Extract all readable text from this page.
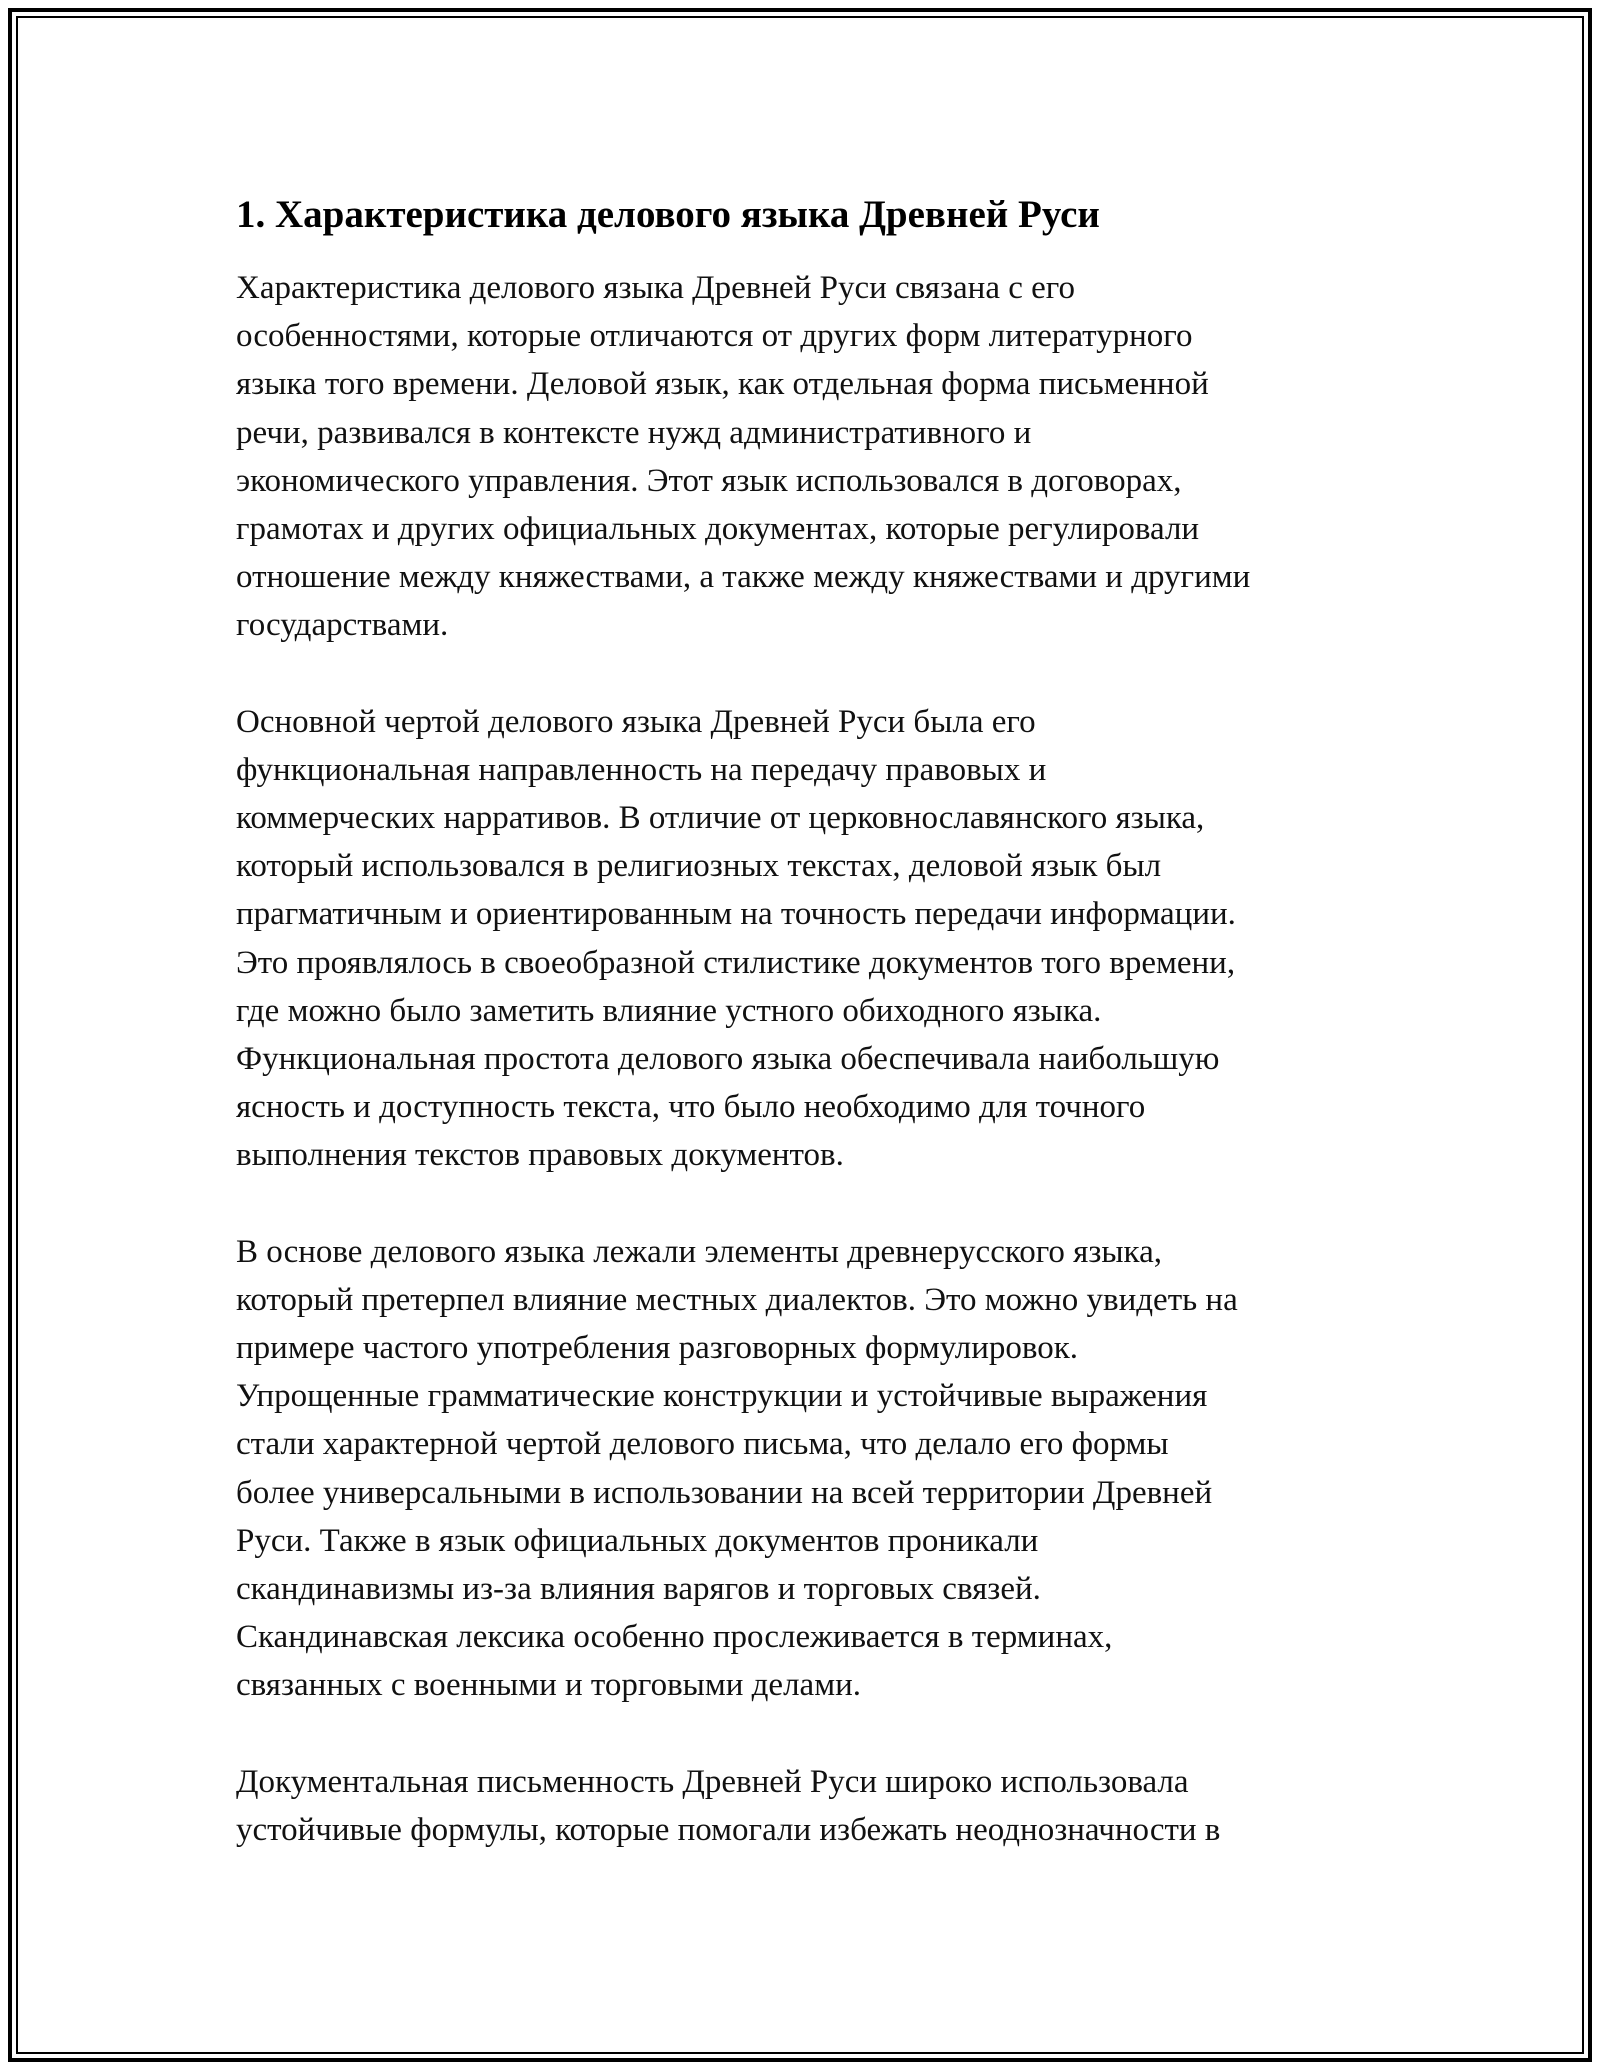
1. Характеристика делового языка Древней Руси
Характеристика делового языка Древней Руси связана с его
особенностями, которые отличаются от других форм литературного
языка того времени. Деловой язык, как отдельная форма письменной
речи, развивался в контексте нужд административного и
экономического управления. Этот язык использовался в договорах,
грамотах и других официальных документах, которые регулировали
отношение между княжествами, а также между княжествами и другими
государствами.
Основной чертой делового языка Древней Руси была его
функциональная направленность на передачу правовых и
коммерческих нарративов. В отличие от церковнославянского языка,
который использовался в религиозных текстах, деловой язык был
прагматичным и ориентированным на точность передачи информации.
Это проявлялось в своеобразной стилистике документов того времени,
где можно было заметить влияние устного обиходного языка.
Функциональная простота делового языка обеспечивала наибольшую
ясность и доступность текста, что было необходимо для точного
выполнения текстов правовых документов.
В основе делового языка лежали элементы древнерусского языка,
который претерпел влияние местных диалектов. Это можно увидеть на
примере частого употребления разговорных формулировок.
Упрощенные грамматические конструкции и устойчивые выражения
стали характерной чертой делового письма, что делало его формы
более универсальными в использовании на всей территории Древней
Руси. Также в язык официальных документов проникали
скандинавизмы из-за влияния варягов и торговых связей.
Скандинавская лексика особенно прослеживается в терминах,
связанных с военными и торговыми делами.
Документальная письменность Древней Руси широко использовала
устойчивые формулы, которые помогали избежать неоднозначности в
